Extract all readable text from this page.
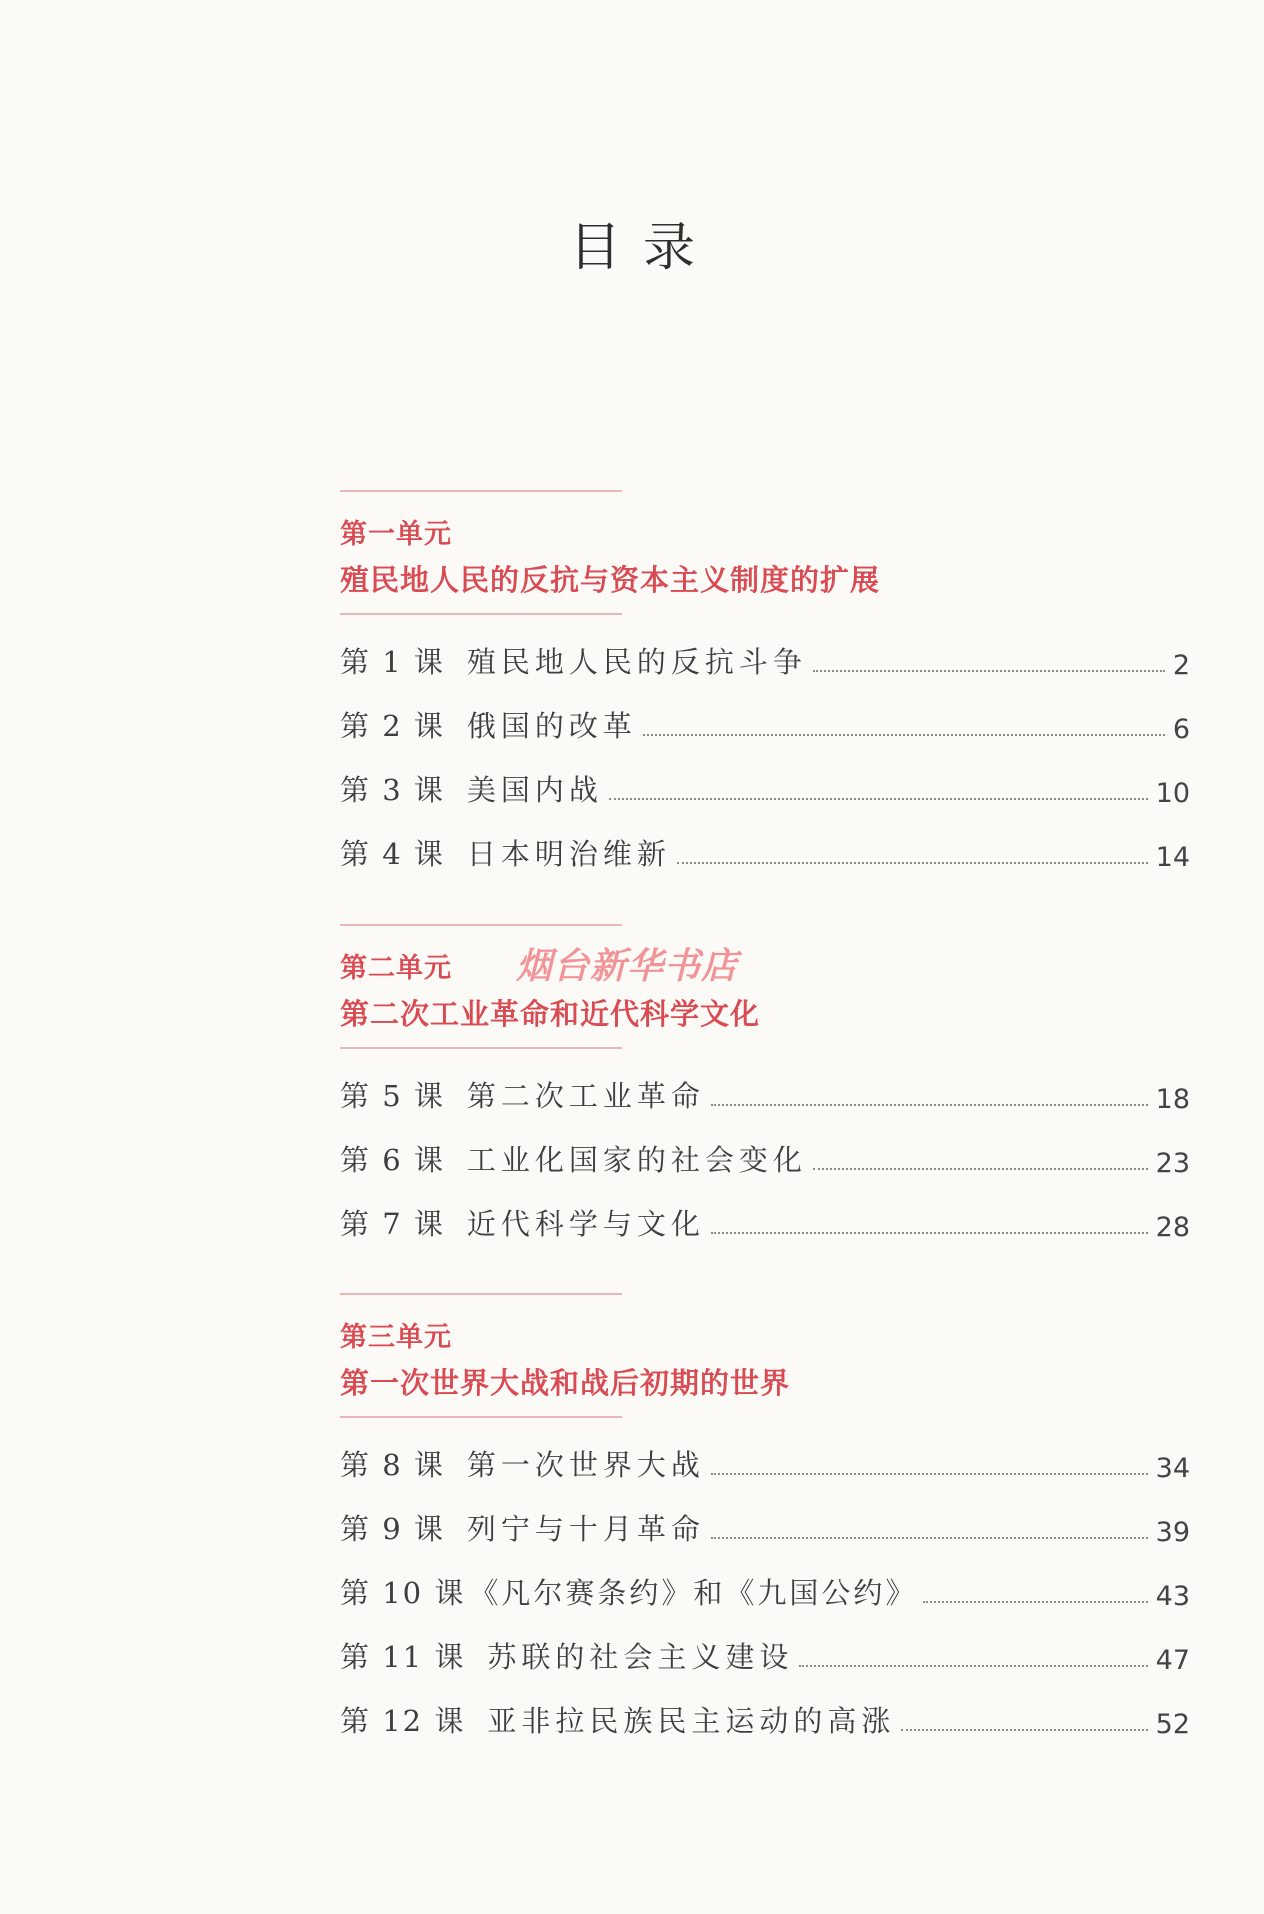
目录
第一单元
殖民地人民的反抗与资本主义制度的扩展
第 1 课 殖民地人民的反抗斗争	2
第 2 课 俄国的改革	6
第 3 课 美国内战	10
第 4 课 日本明治维新	14
第二单元 烟台新华书店
第二次工业革命和近代科学文化
第 5 课 第二次工业革命	18
第 6 课 工业化国家的社会变化	23
第 7 课 近代科学与文化	28
第三单元
第一次世界大战和战后初期的世界
第 8 课 第一次世界大战	34
第 9 课 列宁与十月革命	39
第 10 课 《凡尔赛条约》和《九国公约》	43
第 11 课 苏联的社会主义建设	47
第 12 课 亚非拉民族民主运动的高涨	52
